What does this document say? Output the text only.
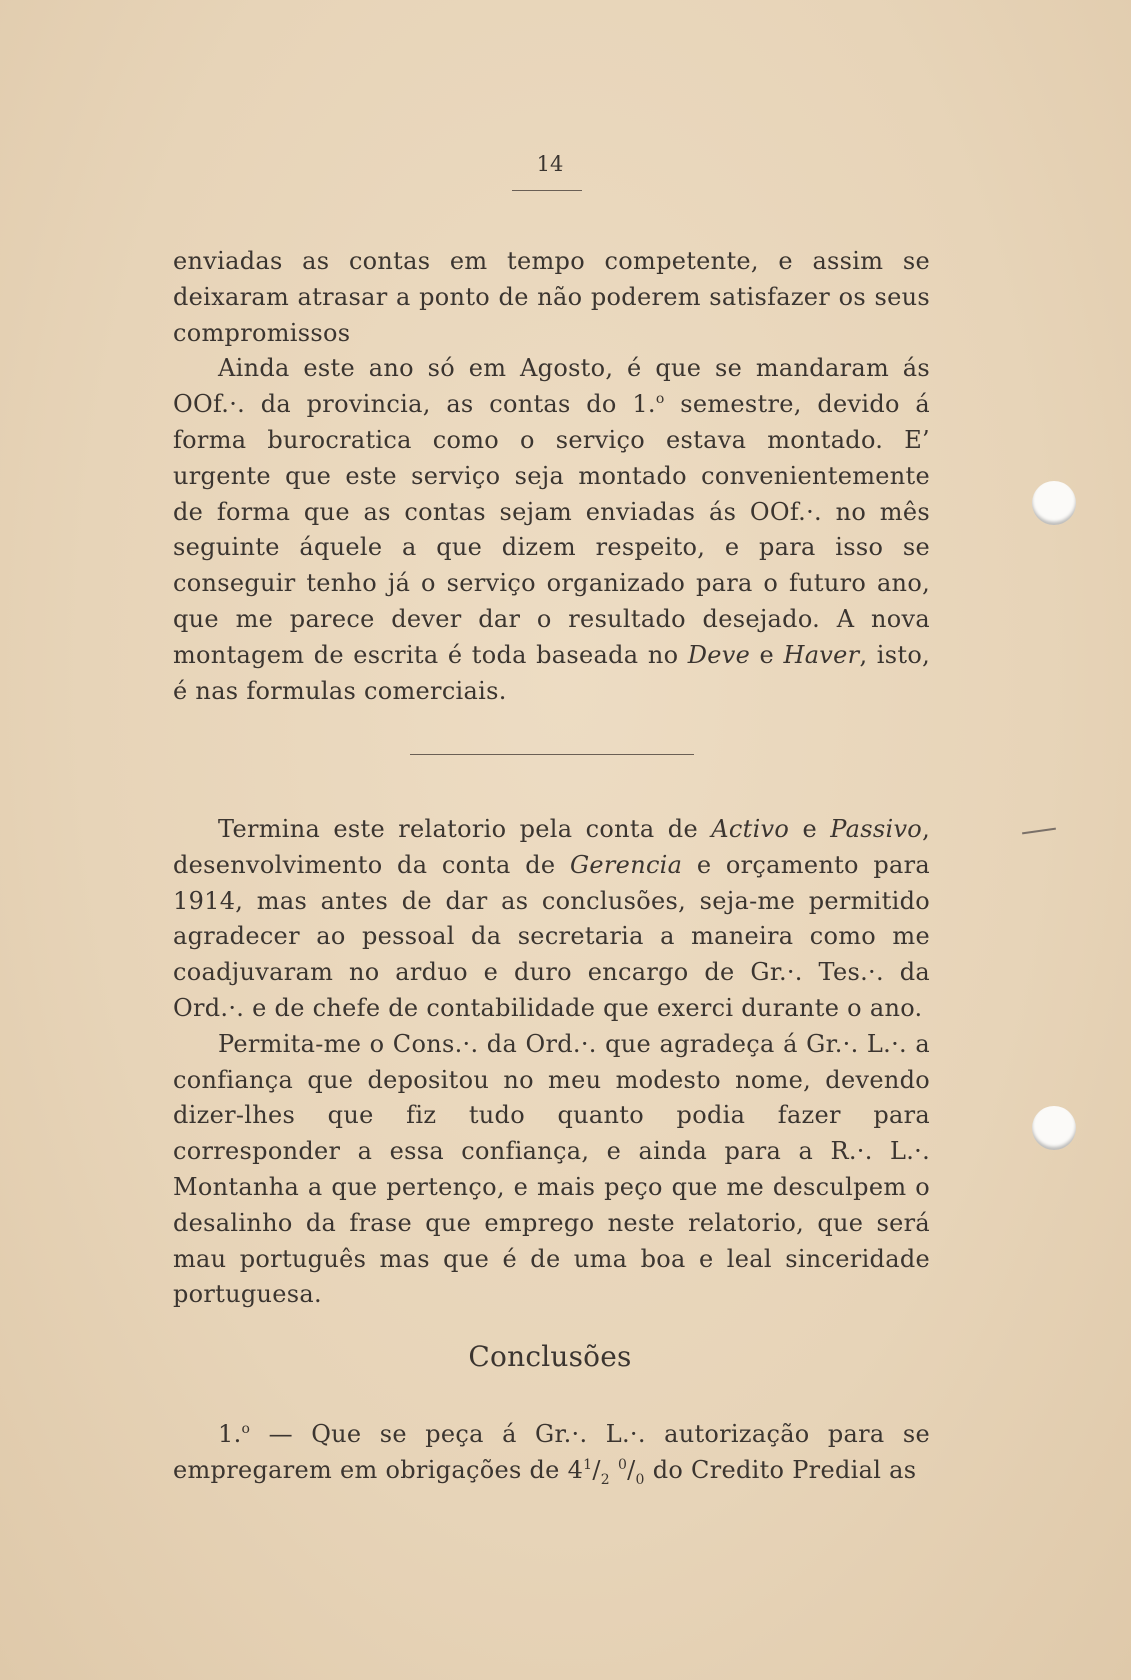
14

enviadas as contas em tempo competente, e assim se deixaram atrasar a ponto de não poderem satisfazer os seus compromissos

Ainda este ano só em Agosto, é que se mandaram ás OOf.·. da provincia, as contas do 1.$^o$ semestre, devido á forma burocratica como o serviço estava montado. E’ urgente que este serviço seja montado convenientemente de forma que as contas sejam enviadas ás OOf.·. no mês seguinte áquele a que dizem respeito, e para isso se conseguir tenho já o serviço organizado para o futuro ano, que me parece dever dar o resultado desejado. A nova montagem de escrita é toda baseada no Deve e Haver, isto, é nas formulas comerciais.

Termina este relatorio pela conta de Activo e Passivo, desenvolvimento da conta de Gerencia e orçamento para 1914, mas antes de dar as conclusões, seja-me permitido agradecer ao pessoal da secretaria a maneira como me coadjuvaram no arduo e duro encargo de Gr.·. Tes.·. da Ord.·. e de chefe de contabilidade que exerci durante o ano.

Permita-me o Cons.·. da Ord.·. que agradeça á Gr.·. L.·. a confiança que depositou no meu modesto nome, devendo dizer-lhes que fiz tudo quanto podia fazer para corresponder a essa confiança, e ainda para a R.·. L.·. Montanha a que pertenço, e mais peço que me desculpem o desalinho da frase que emprego neste relatorio, que será mau português mas que é de uma boa e leal sinceridade portuguesa.

Conclusões

1.$^o$ — Que se peça á Gr.·. L.·. autorização para se empregarem em obrigações de $4^1/_2$ $^0/_0$ do Credito Predial as
